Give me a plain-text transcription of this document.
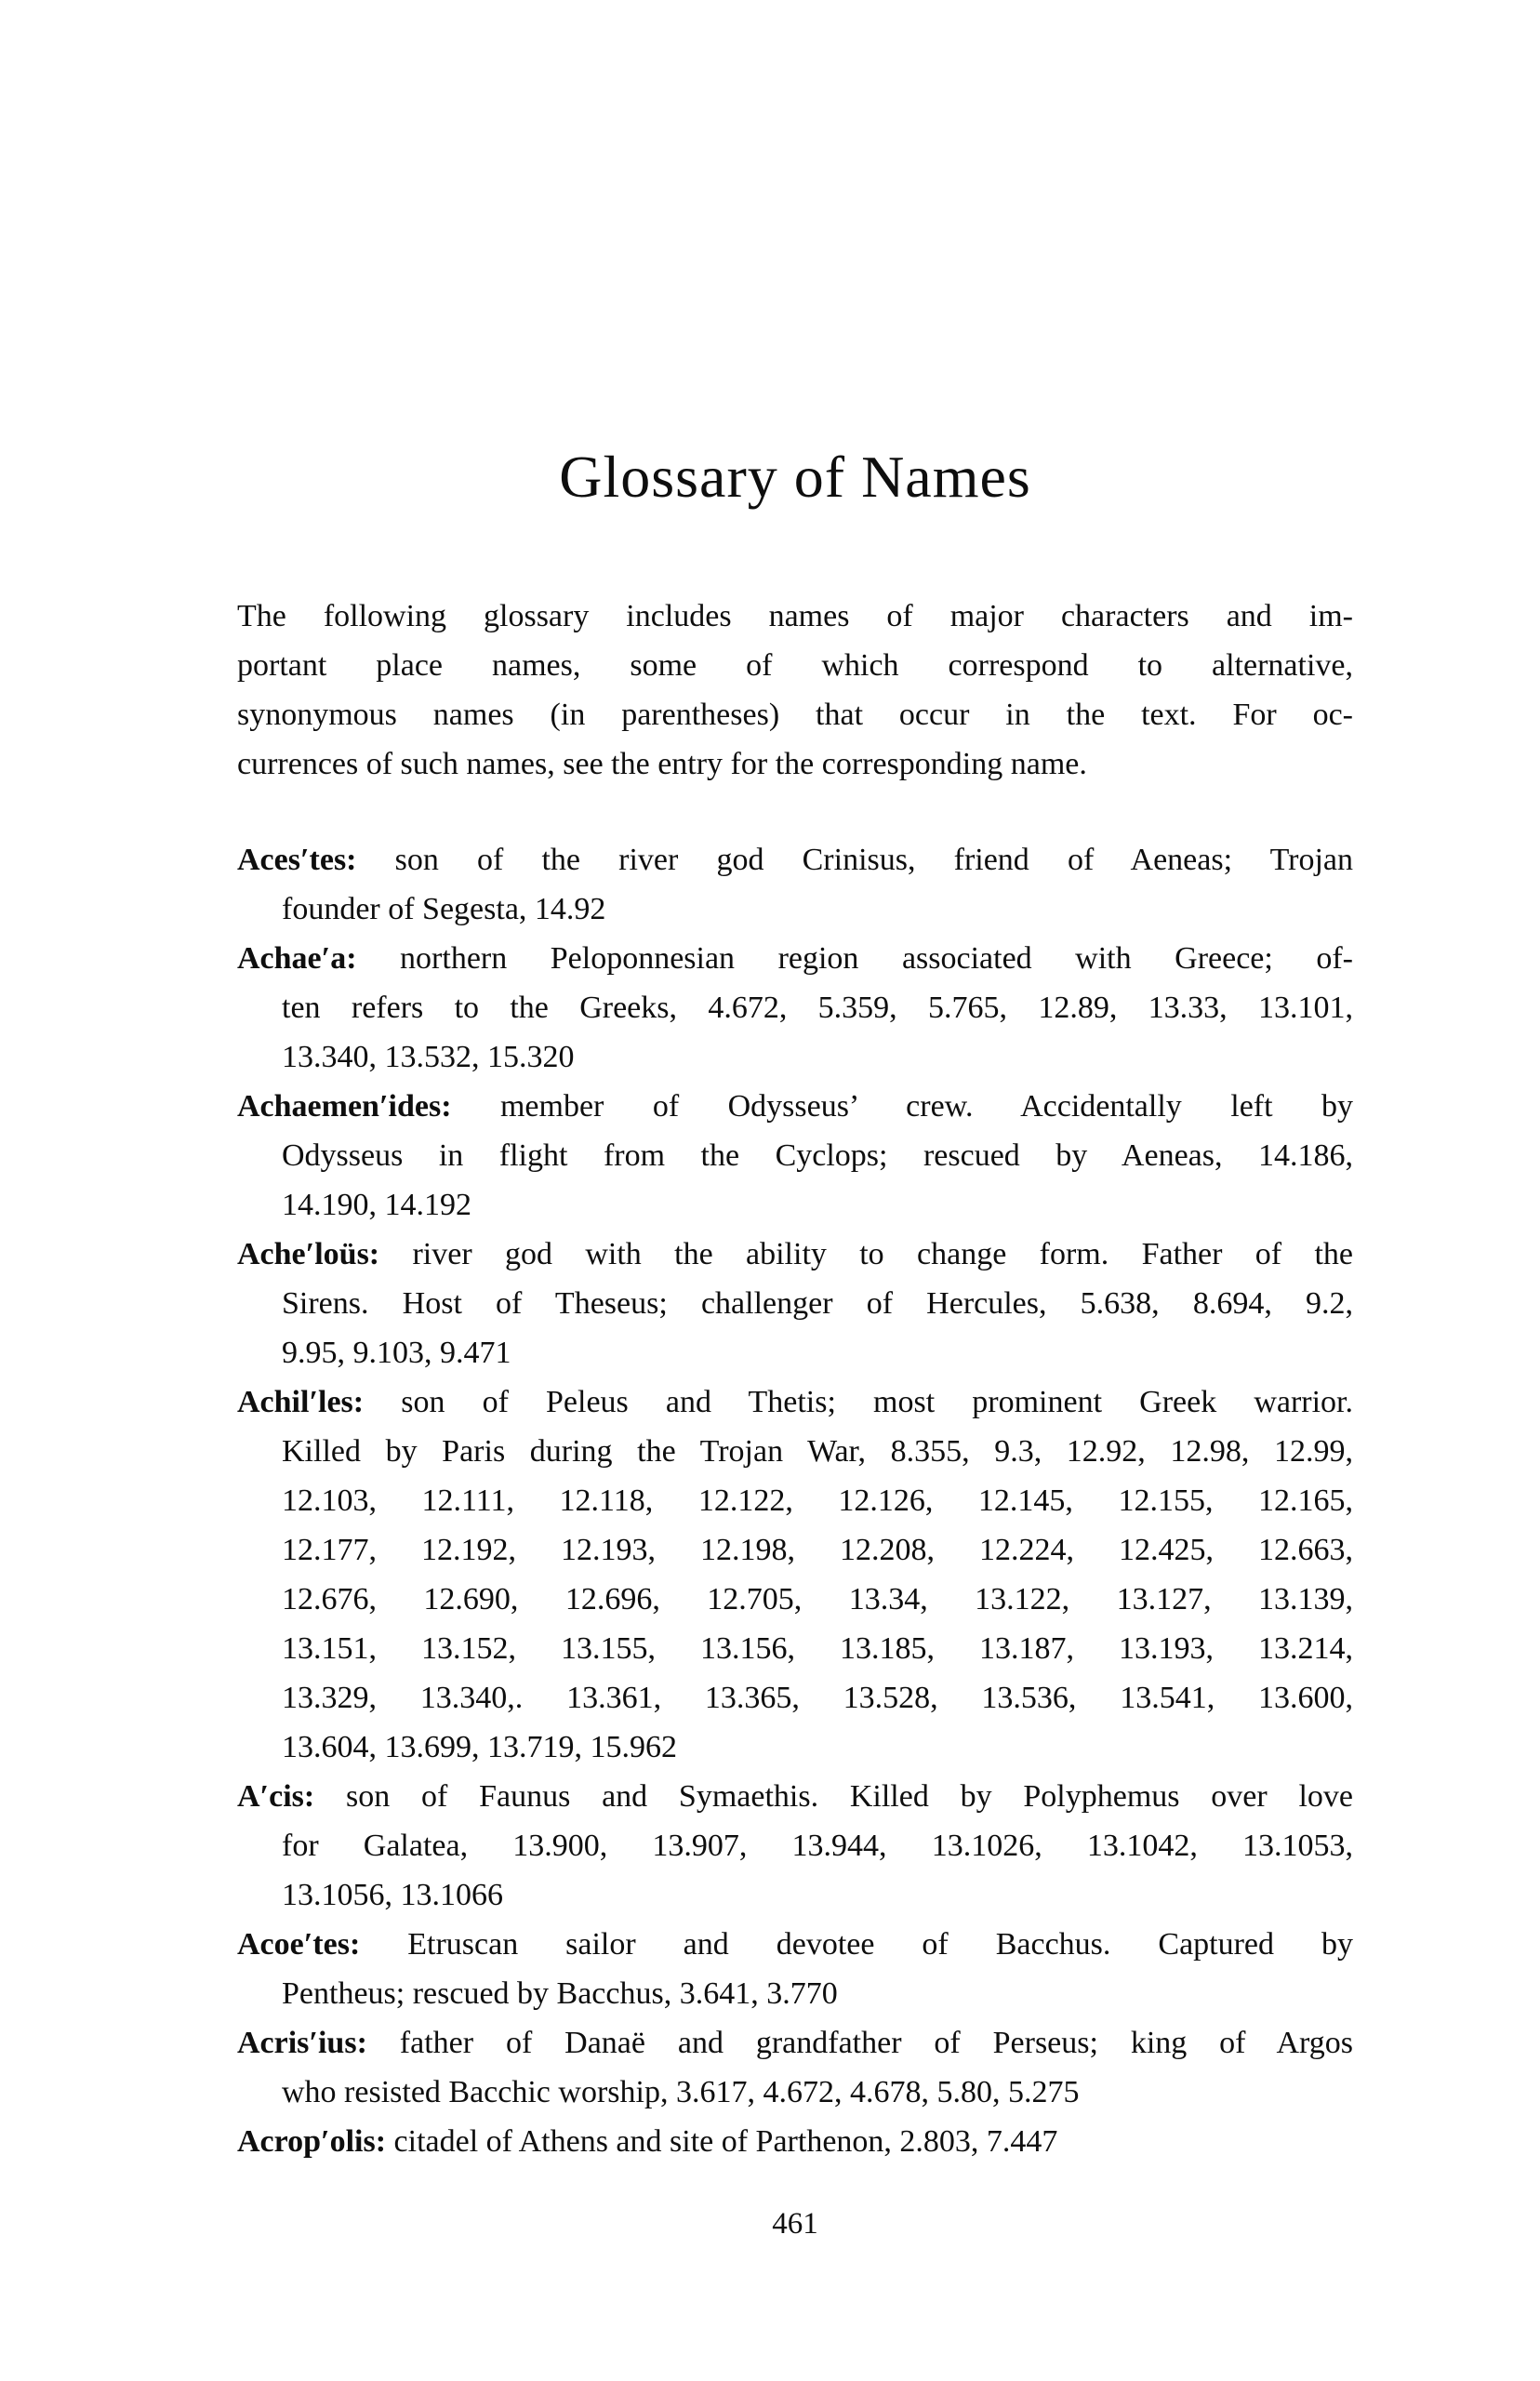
Glossary of Names
The following glossary includes names of major characters and im-
portant place names, some of which correspond to alternative,
synonymous names (in parentheses) that occur in the text. For oc-
currences of such names, see the entry for the corresponding name.
Aces′tes: son of the river god Crinisus, friend of Aeneas; Trojan
founder of Segesta, 14.92
Achae′a: northern Peloponnesian region associated with Greece; of-
ten refers to the Greeks, 4.672, 5.359, 5.765, 12.89, 13.33, 13.101,
13.340, 13.532, 15.320
Achaemen′ides: member of Odysseus’ crew. Accidentally left by
Odysseus in flight from the Cyclops; rescued by Aeneas, 14.186,
14.190, 14.192
Ache′loüs: river god with the ability to change form. Father of the
Sirens. Host of Theseus; challenger of Hercules, 5.638, 8.694, 9.2,
9.95, 9.103, 9.471
Achil′les: son of Peleus and Thetis; most prominent Greek warrior.
Killed by Paris during the Trojan War, 8.355, 9.3, 12.92, 12.98, 12.99,
12.103, 12.111, 12.118, 12.122, 12.126, 12.145, 12.155, 12.165,
12.177, 12.192, 12.193, 12.198, 12.208, 12.224, 12.425, 12.663,
12.676, 12.690, 12.696, 12.705, 13.34, 13.122, 13.127, 13.139,
13.151, 13.152, 13.155, 13.156, 13.185, 13.187, 13.193, 13.214,
13.329, 13.340,. 13.361, 13.365, 13.528, 13.536, 13.541, 13.600,
13.604, 13.699, 13.719, 15.962
A′cis: son of Faunus and Symaethis. Killed by Polyphemus over love
for Galatea, 13.900, 13.907, 13.944, 13.1026, 13.1042, 13.1053,
13.1056, 13.1066
Acoe′tes: Etruscan sailor and devotee of Bacchus. Captured by
Pentheus; rescued by Bacchus, 3.641, 3.770
Acris′ius: father of Danaë and grandfather of Perseus; king of Argos
who resisted Bacchic worship, 3.617, 4.672, 4.678, 5.80, 5.275
Acrop′olis: citadel of Athens and site of Parthenon, 2.803, 7.447
461
